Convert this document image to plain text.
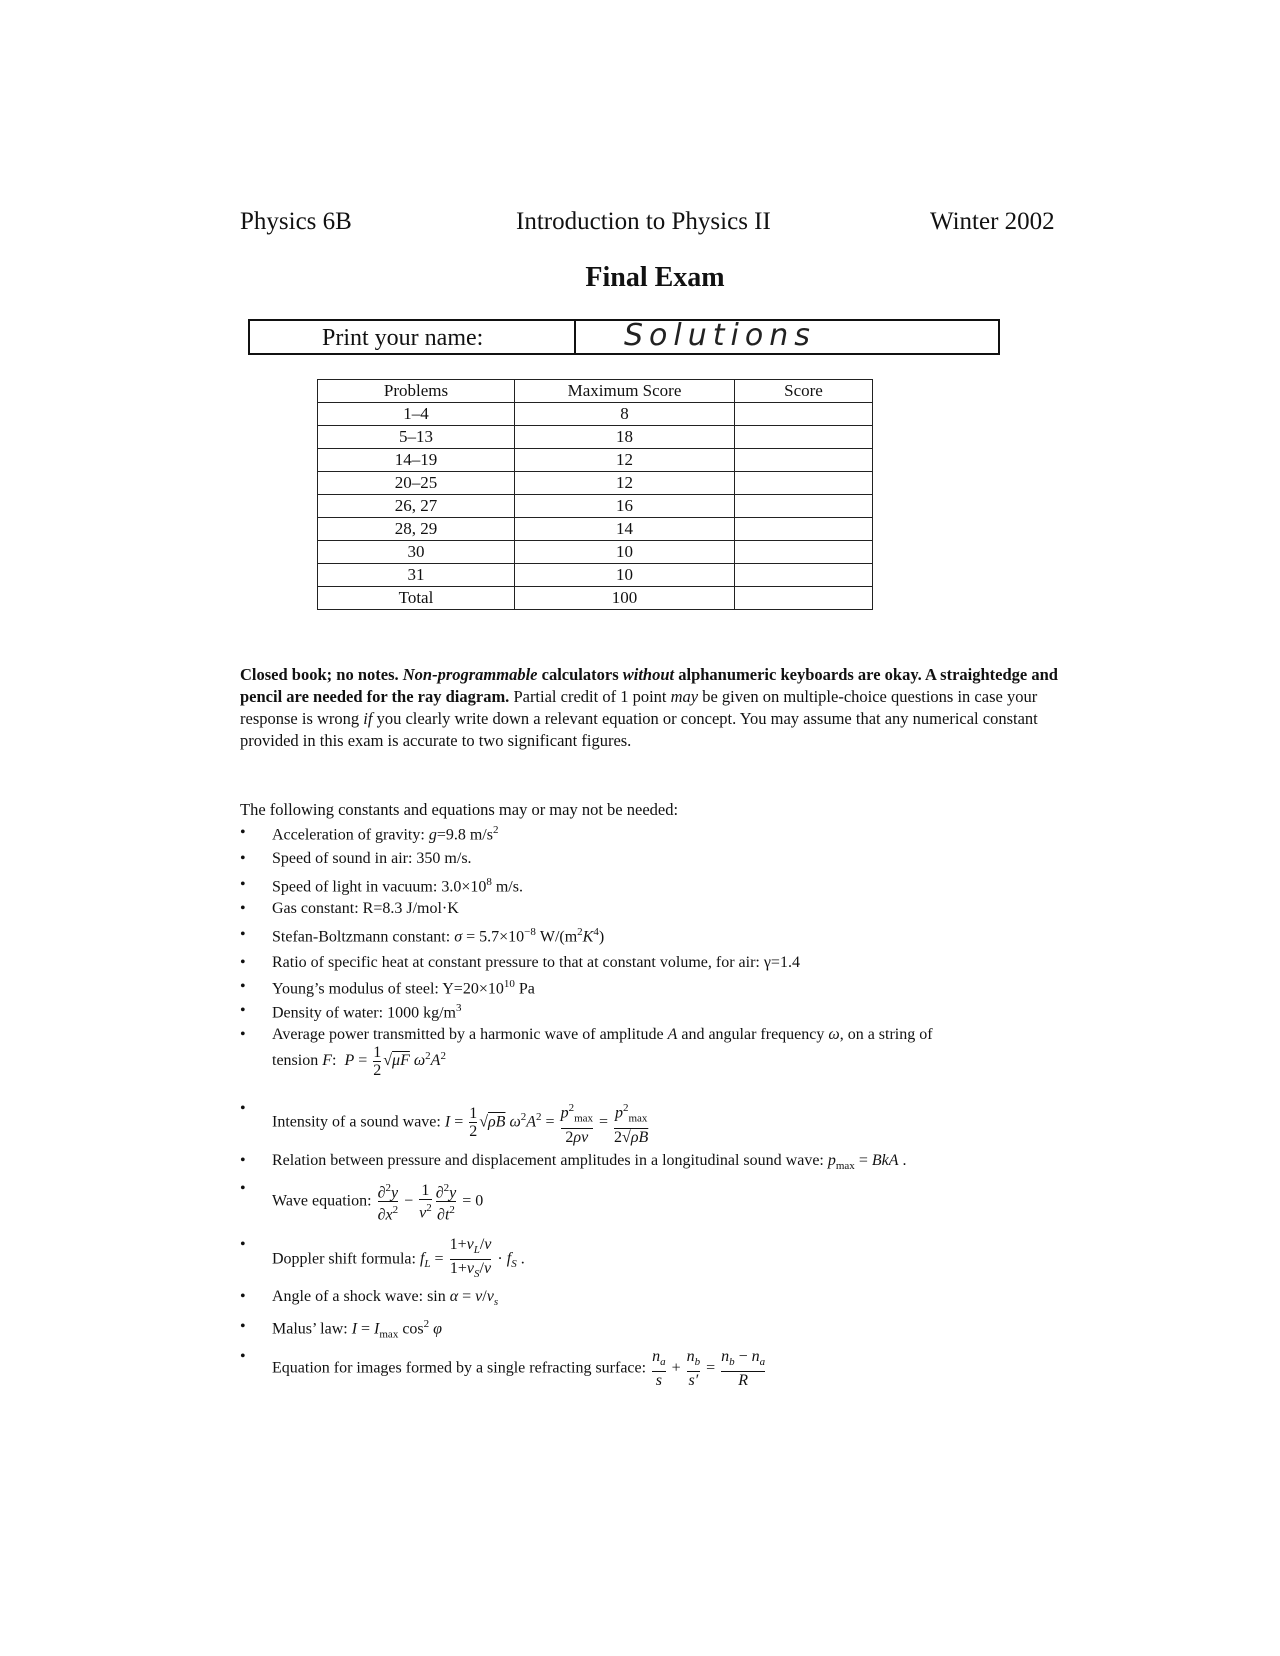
Physics 6B	Introduction to Physics II	Winter 2002
Final Exam
Print your name:	Solutions
Problems	Maximum Score	Score
1–4	8	
5–13	18	
14–19	12	
20–25	12	
26, 27	16	
28, 29	14	
30	10	
31	10	
Total	100	
Closed book; no notes. Non-programmable calculators without alphanumeric keyboards are okay. A straightedge and pencil are needed for the ray diagram. Partial credit of 1 point may be given on multiple-choice questions in case your response is wrong if you clearly write down a relevant equation or concept. You may assume that any numerical constant provided in this exam is accurate to two significant figures.
The following constants and equations may or may not be needed:
• Acceleration of gravity: g=9.8 $m/s^2$
• Speed of sound in air: 350 m/s.
• Speed of light in vacuum: $3.0\times 10^8$ m/s.
• Gas constant: R=8.3 J/mol·K
• Stefan-Boltzmann constant: $\sigma = 5.7\times 10^{-8}$ $W/(m^2K^4)$
• Ratio of specific heat at constant pressure to that at constant volume, for air: γ=1.4
• Young’s modulus of steel: $Y=20\times 10^{10}$ Pa
• Density of water: 1000 $kg/m^3$
• Average power transmitted by a harmonic wave of amplitude A and angular frequency ω, on a string of
tension F:  $P = \frac{1}{2} √\mu F$ $\omega^2A^2$
• Intensity of a sound wave: $I = \frac{1}{2} √\rho B$ $\omega^2A^2 = \frac{p^2_{max}}{2\rho v} = \frac{p^2_{max}}{2√\rho B}$
• Relation between pressure and displacement amplitudes in a longitudinal sound wave: $p_{max}$ = BkA .
• Wave equation: $\frac{\partial^2y}{\partial x^2} - \frac{1}{v^2} \frac{\partial^2y}{\partial t^2} = 0$
• Doppler shift formula: $f_L = \frac{1+v_L/v}{1+v_S/v} \cdot f_S$ .
• Angle of a shock wave: $\sin \alpha = v/v_s$
• Malus’ law: $I = I_{max}$ $\cos^2 \varphi$
• Equation for images formed by a single refracting surface: $\frac{n_a}{s} + \frac{n_b}{s'} = \frac{n_b - n_a}{R}$
